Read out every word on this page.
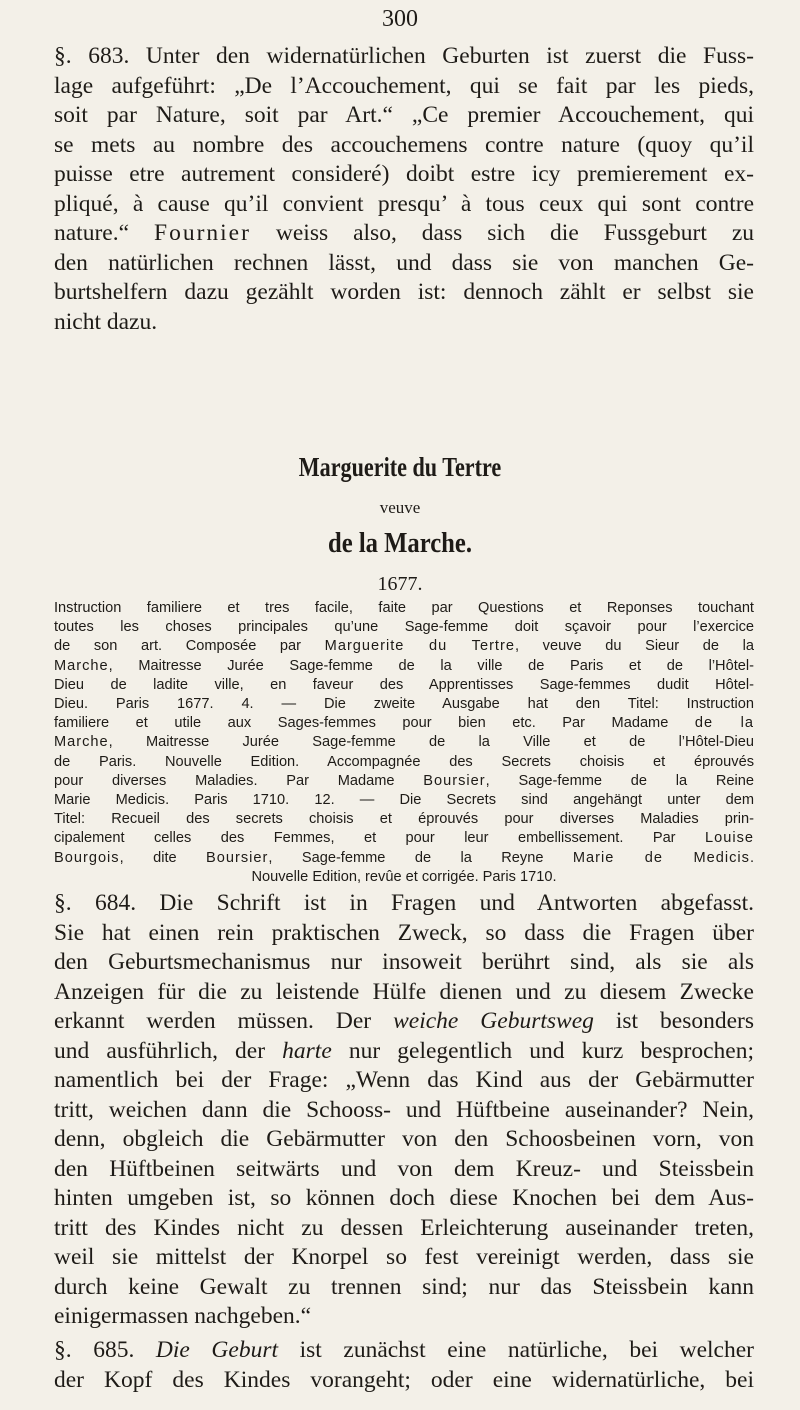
300

§. 683. Unter den widernatürlichen Geburten ist zuerst die Fuss-
lage aufgeführt: „De l’Accouchement, qui se fait par les pieds,
soit par Nature, soit par Art.“ „Ce premier Accouchement, qui
se mets au nombre des accouchemens contre nature (quoy qu’il
puisse etre autrement consideré) doibt estre icy premierement ex-
pliqué, à cause qu’il convient presqu’ à tous ceux qui sont contre
nature.“ Fournier weiss also, dass sich die Fussgeburt zu
den natürlichen rechnen lässt, und dass sie von manchen Ge-
burtshelfern dazu gezählt worden ist: dennoch zählt er selbst sie
nicht dazu.

Marguerite du Tertre
veuve
de la Marche.
1677.

Instruction familiere et tres facile, faite par Questions et Reponses touchant
toutes les choses principales qu’une Sage-femme doit sçavoir pour l’exercice
de son art. Composée par Marguerite du Tertre, veuve du Sieur de la
Marche, Maitresse Jurée Sage-femme de la ville de Paris et de l’Hôtel-
Dieu de ladite ville, en faveur des Apprentisses Sage-femmes dudit Hôtel-
Dieu. Paris 1677. 4. — Die zweite Ausgabe hat den Titel: Instruction
familiere et utile aux Sages-femmes pour bien etc. Par Madame de la
Marche, Maitresse Jurée Sage-femme de la Ville et de l’Hôtel-Dieu
de Paris. Nouvelle Edition. Accompagnée des Secrets choisis et éprouvés
pour diverses Maladies. Par Madame Boursier, Sage-femme de la Reine
Marie Medicis. Paris 1710. 12. — Die Secrets sind angehängt unter dem
Titel: Recueil des secrets choisis et éprouvés pour diverses Maladies prin-
cipalement celles des Femmes, et pour leur embellissement. Par Louise
Bourgois, dite Boursier, Sage-femme de la Reyne Marie de Medicis.
Nouvelle Edition, revûe et corrigée. Paris 1710.

§. 684. Die Schrift ist in Fragen und Antworten abgefasst.
Sie hat einen rein praktischen Zweck, so dass die Fragen über
den Geburtsmechanismus nur insoweit berührt sind, als sie als
Anzeigen für die zu leistende Hülfe dienen und zu diesem Zwecke
erkannt werden müssen. Der weiche Geburtsweg ist besonders
und ausführlich, der harte nur gelegentlich und kurz besprochen;
namentlich bei der Frage: „Wenn das Kind aus der Gebärmutter
tritt, weichen dann die Schooss- und Hüftbeine auseinander? Nein,
denn, obgleich die Gebärmutter von den Schoosbeinen vorn, von
den Hüftbeinen seitwärts und von dem Kreuz- und Steissbein
hinten umgeben ist, so können doch diese Knochen bei dem Aus-
tritt des Kindes nicht zu dessen Erleichterung auseinander treten,
weil sie mittelst der Knorpel so fest vereinigt werden, dass sie
durch keine Gewalt zu trennen sind; nur das Steissbein kann
einigermassen nachgeben.“

§. 685. Die Geburt ist zunächst eine natürliche, bei welcher
der Kopf des Kindes vorangeht; oder eine widernatürliche, bei
